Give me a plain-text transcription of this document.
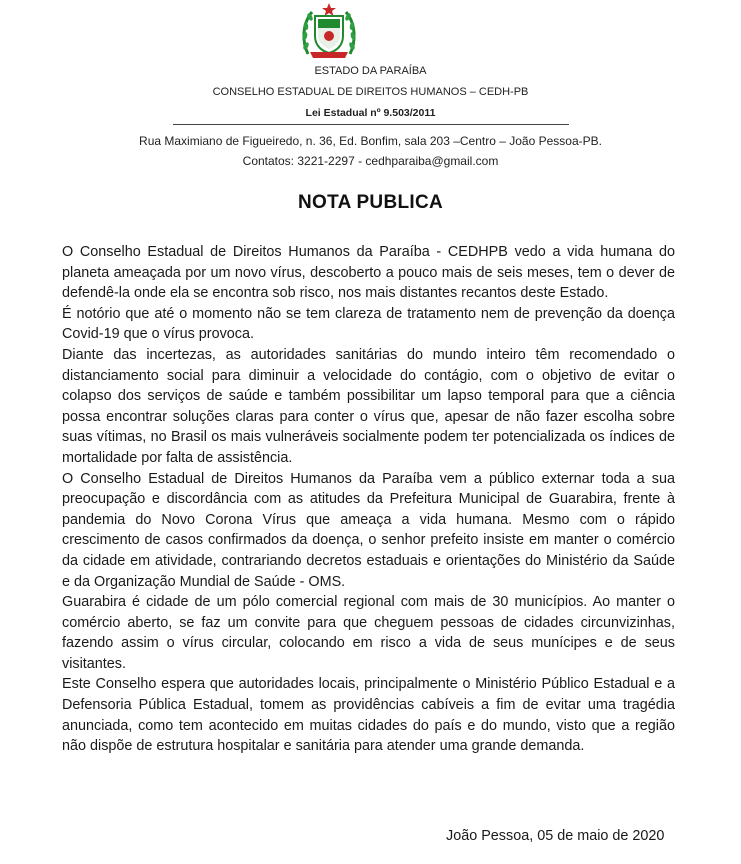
ESTADO DA PARAÍBA
CONSELHO ESTADUAL DE DIREITOS HUMANOS – CEDH-PB
Lei Estadual nº 9.503/2011
Rua Maximiano de Figueiredo, n. 36, Ed. Bonfim, sala 203 –Centro – João Pessoa-PB.
Contatos: 3221-2297 - cedhparaiba@gmail.com
NOTA PUBLICA

O Conselho Estadual de Direitos Humanos da Paraíba - CEDHPB vedo a vida humana do planeta ameaçada por um novo vírus, descoberto a pouco mais de seis meses, tem o dever de defendê-la onde ela se encontra sob risco, nos mais distantes recantos deste Estado.

É notório que até o momento não se tem clareza de tratamento nem de prevenção da doença Covid-19 que o vírus provoca.

Diante das incertezas, as autoridades sanitárias do mundo inteiro têm recomendado o distanciamento social para diminuir a velocidade do contágio, com o objetivo de evitar o colapso dos serviços de saúde e também possibilitar um lapso temporal para que a ciência possa encontrar soluções claras para conter o vírus que, apesar de não fazer escolha sobre suas vítimas, no Brasil os mais vulneráveis socialmente podem ter potencializada os índices de mortalidade por falta de assistência.

O Conselho Estadual de Direitos Humanos da Paraíba vem a público externar toda a sua preocupação e discordância com as atitudes da Prefeitura Municipal de Guarabira, frente à pandemia do Novo Corona Vírus que ameaça a vida humana. Mesmo com o rápido crescimento de casos confirmados da doença, o senhor prefeito insiste em manter o comércio da cidade em atividade, contrariando decretos estaduais e orientações do Ministério da Saúde e da Organização Mundial de Saúde - OMS.

Guarabira é cidade de um pólo comercial regional com mais de 30 municípios. Ao manter o comércio aberto, se faz um convite para que cheguem pessoas de cidades circunvizinhas, fazendo assim o vírus circular, colocando em risco a vida de seus munícipes e de seus visitantes.

Este Conselho espera que autoridades locais, principalmente o Ministério Público Estadual e a Defensoria Pública Estadual, tomem as providências cabíveis a fim de evitar uma tragédia anunciada, como tem acontecido em muitas cidades do país e do mundo, visto que a região não dispõe de estrutura hospitalar e sanitária para atender uma grande demanda.

João Pessoa, 05 de maio de 2020
